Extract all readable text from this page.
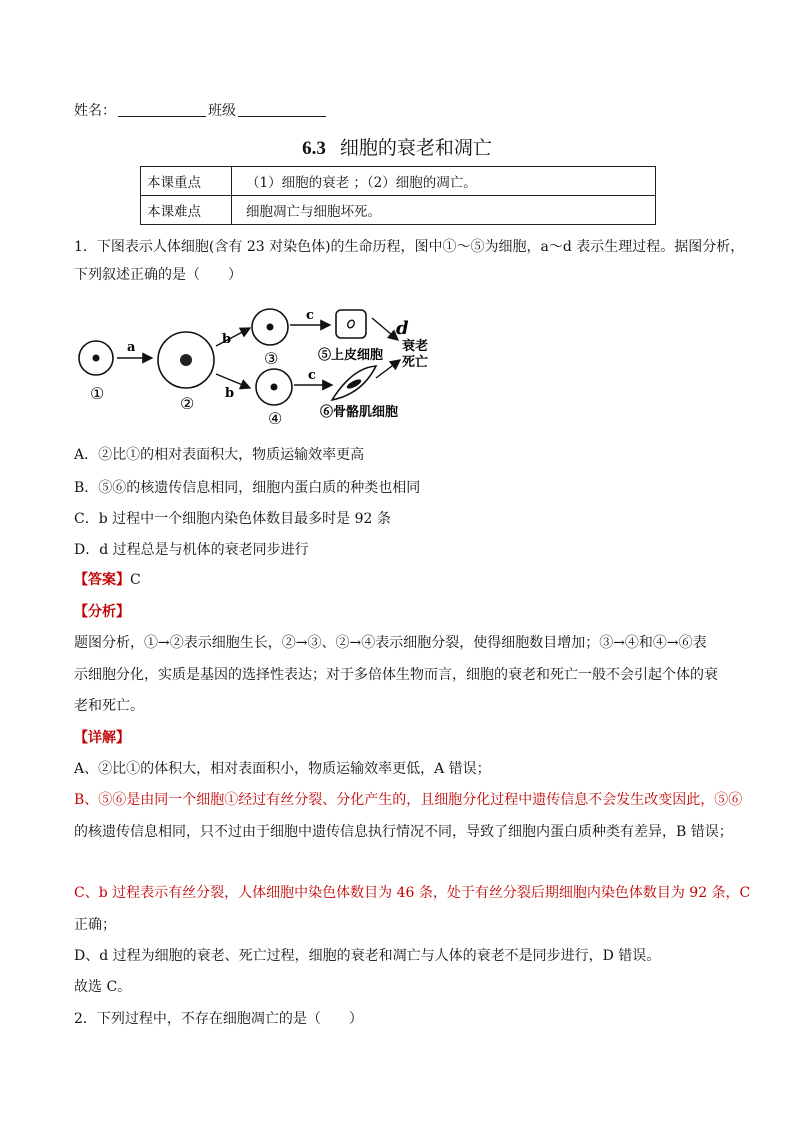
姓名：	班级
6.3 细胞的衰老和凋亡
本课重点	（1）细胞的衰老 ；（2）细胞的凋亡。
本课难点	细胞凋亡与细胞坏死。
1．下图表示人体细胞(含有 23 对染色体)的生命历程，图中①～⑤为细胞，a～d 表示生理过程。据图分析，
下列叙述正确的是（　　）
①
a
②
b
b
③
④
c
c
⑤上皮细胞
⑥骨骼肌细胞
d
衰老
死亡
A．②比①的相对表面积大，物质运输效率更高
B．⑤⑥的核遗传信息相同，细胞内蛋白质的种类也相同
C．b 过程中一个细胞内染色体数目最多时是 92 条
D．d 过程总是与机体的衰老同步进行
【答案】C
【分析】
题图分析，①→②表示细胞生长，②→③、②→④表示细胞分裂，使得细胞数目增加；③→④和④→⑥表
示细胞分化，实质是基因的选择性表达；对于多倍体生物而言，细胞的衰老和死亡一般不会引起个体的衰
老和死亡。
【详解】
A、②比①的体积大，相对表面积小，物质运输效率更低，A 错误；
B、⑤⑥是由同一个细胞①经过有丝分裂、分化产生的，且细胞分化过程中遗传信息不会发生改变因此，⑤⑥
的核遗传信息相同，只不过由于细胞中遗传信息执行情况不同，导致了细胞内蛋白质种类有差异，B 错误；
C、b 过程表示有丝分裂，人体细胞中染色体数目为 46 条，处于有丝分裂后期细胞内染色体数目为 92 条，C
正确；
D、d 过程为细胞的衰老、死亡过程，细胞的衰老和凋亡与人体的衰老不是同步进行，D 错误。
故选 C。
2．下列过程中，不存在细胞凋亡的是（　　）
